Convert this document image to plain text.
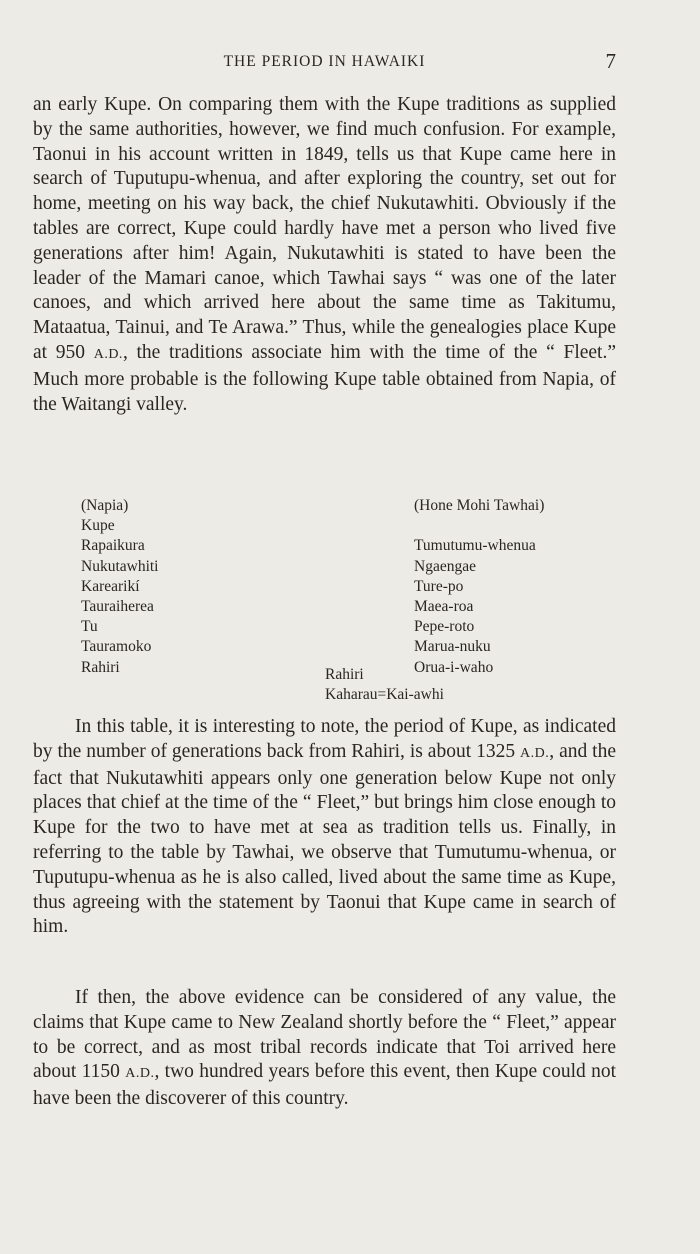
THE PERIOD IN HAWAIKI	7

an early Kupe. On comparing them with the Kupe traditions as supplied by the same authorities, however, we find much confusion. For example, Taonui in his account written in 1849, tells us that Kupe came here in search of Tuputupu-whenua, and after exploring the country, set out for home, meeting on his way back, the chief Nukutawhiti. Obviously if the tables are correct, Kupe could hardly have met a person who lived five generations after him! Again, Nukutawhiti is stated to have been the leader of the Mamari canoe, which Tawhai says “ was one of the later canoes, and which arrived here about the same time as Takitumu, Mataatua, Tainui, and Te Arawa.” Thus, while the genealogies place Kupe at 950 A.D., the traditions associate him with the time of the “ Fleet.” Much more probable is the following Kupe table obtained from Napia, of the Waitangi valley.

(Napia)
Kupe
Rapaikura
Nukutawhiti
Karearikí
Tauraiherea
Tu
Tauramoko
Rahiri
(Hone Mohi Tawhai)

Tumutumu-whenua
Ngaengae
Ture-po
Maea-roa
Pepe-roto
Marua-nuku
Orua-i-waho
Rahiri
Kaharau=Kai-awhi

In this table, it is interesting to note, the period of Kupe, as indicated by the number of generations back from Rahiri, is about 1325 A.D., and the fact that Nukutawhiti appears only one generation below Kupe not only places that chief at the time of the “ Fleet,” but brings him close enough to Kupe for the two to have met at sea as tradition tells us. Finally, in referring to the table by Tawhai, we observe that Tumutumu-whenua, or Tuputupu-whenua as he is also called, lived about the same time as Kupe, thus agreeing with the statement by Taonui that Kupe came in search of him.

If then, the above evidence can be considered of any value, the claims that Kupe came to New Zealand shortly before the “ Fleet,” appear to be correct, and as most tribal records indicate that Toi arrived here about 1150 A.D., two hundred years before this event, then Kupe could not have been the discoverer of this country.
